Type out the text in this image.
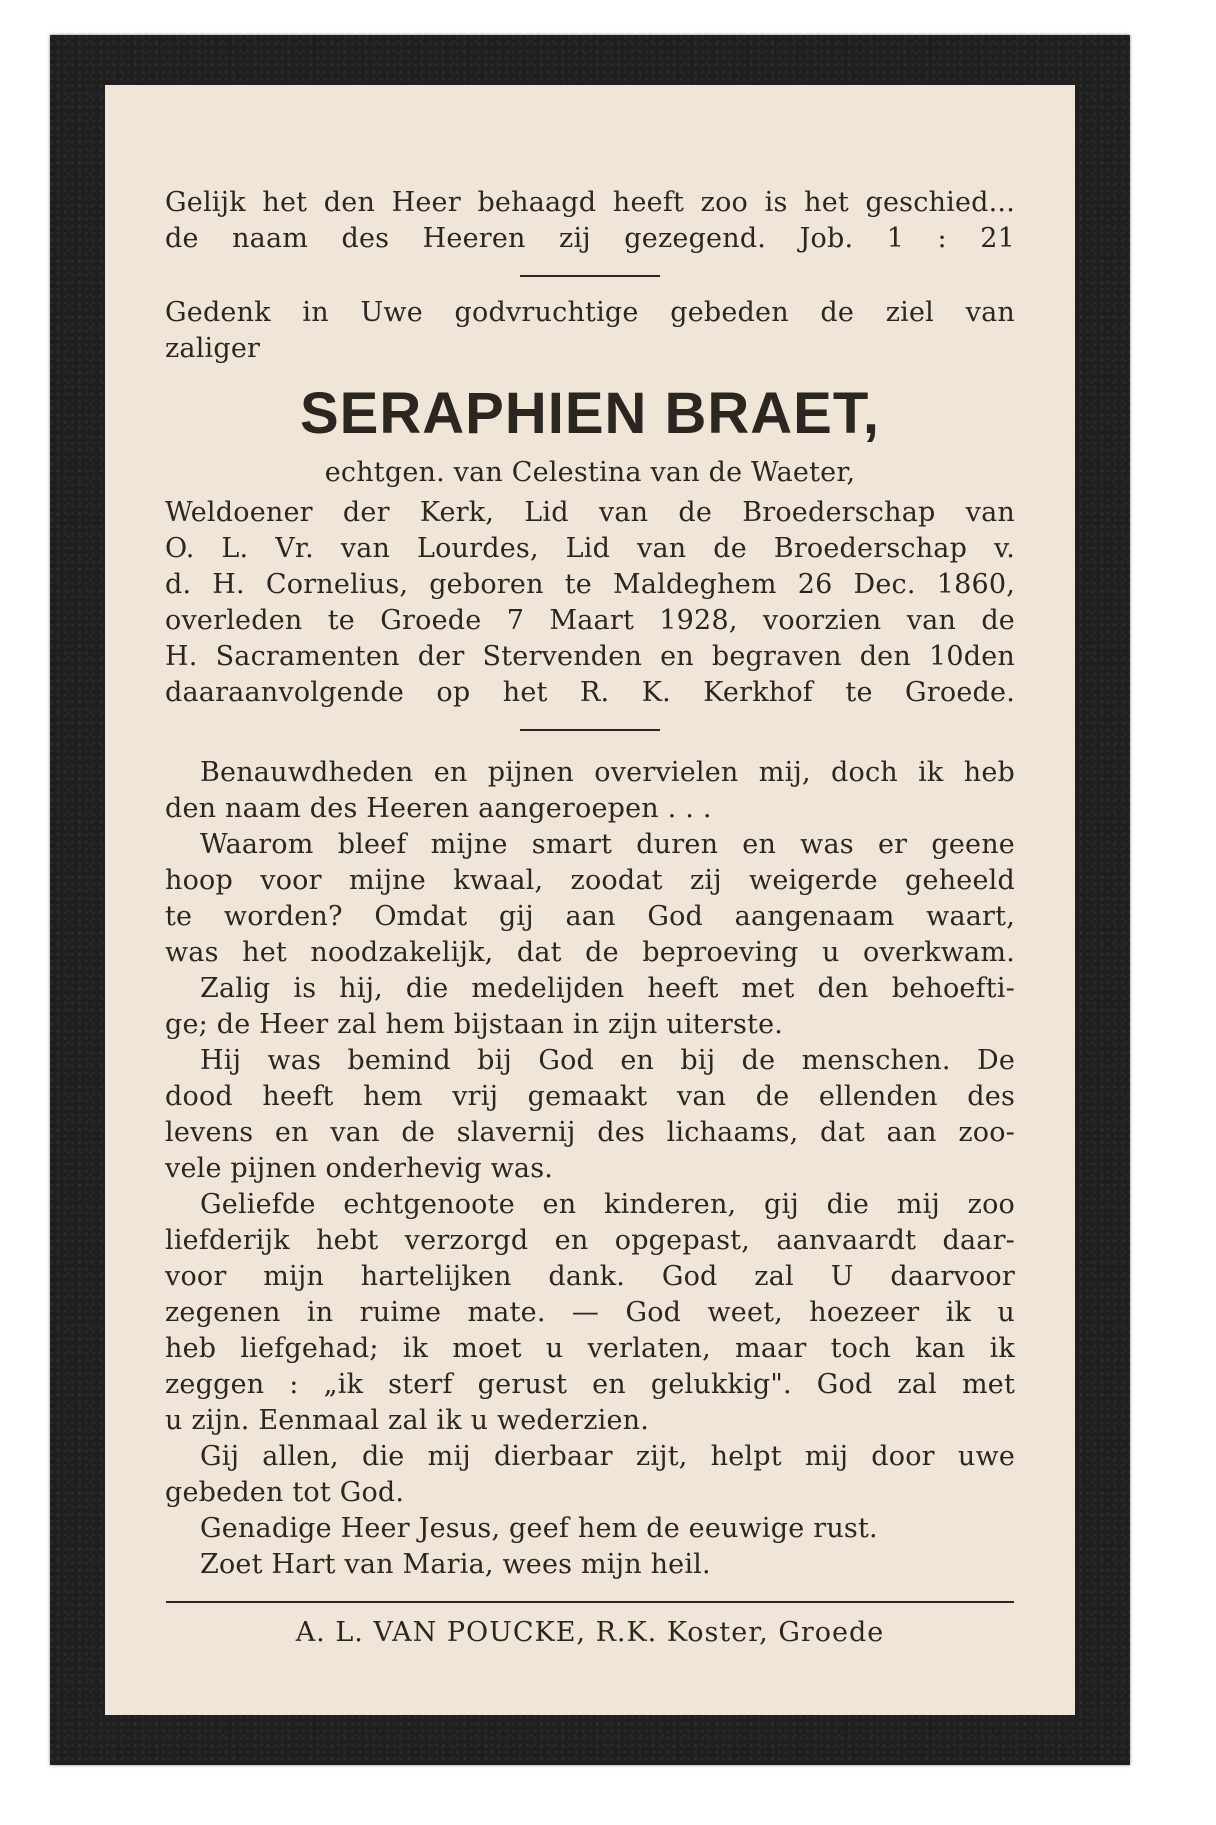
Gelijk het den Heer behaagd heeft zoo is het geschied...
de naam des Heeren zij gezegend. Job. 1 : 21
Gedenk in Uwe godvruchtige gebeden de ziel van
zaliger
SERAPHIEN BRAET,
echtgen. van Celestina van de Waeter,
Weldoener der Kerk, Lid van de Broederschap van
O. L. Vr. van Lourdes, Lid van de Broederschap v.
d. H. Cornelius, geboren te Maldeghem 26 Dec. 1860,
overleden te Groede 7 Maart 1928, voorzien van de
H. Sacramenten der Stervenden en begraven den 10den
daaraanvolgende op het R. K. Kerkhof te Groede.
Benauwdheden en pijnen overvielen mij, doch ik heb
den naam des Heeren aangeroepen . . .
Waarom bleef mijne smart duren en was er geene
hoop voor mijne kwaal, zoodat zij weigerde geheeld
te worden? Omdat gij aan God aangenaam waart,
was het noodzakelijk, dat de beproeving u overkwam.
Zalig is hij, die medelijden heeft met den behoefti-
ge; de Heer zal hem bijstaan in zijn uiterste.
Hij was bemind bij God en bij de menschen. De
dood heeft hem vrij gemaakt van de ellenden des
levens en van de slavernij des lichaams, dat aan zoo-
vele pijnen onderhevig was.
Geliefde echtgenoote en kinderen, gij die mij zoo
liefderijk hebt verzorgd en opgepast, aanvaardt daar-
voor mijn hartelijken dank. God zal U daarvoor
zegenen in ruime mate. — God weet, hoezeer ik u
heb liefgehad; ik moet u verlaten, maar toch kan ik
zeggen : „ik sterf gerust en gelukkig". God zal met
u zijn. Eenmaal zal ik u wederzien.
Gij allen, die mij dierbaar zijt, helpt mij door uwe
gebeden tot God.
Genadige Heer Jesus, geef hem de eeuwige rust.
Zoet Hart van Maria, wees mijn heil.
A. L. VAN POUCKE, R.K. Koster, Groede
